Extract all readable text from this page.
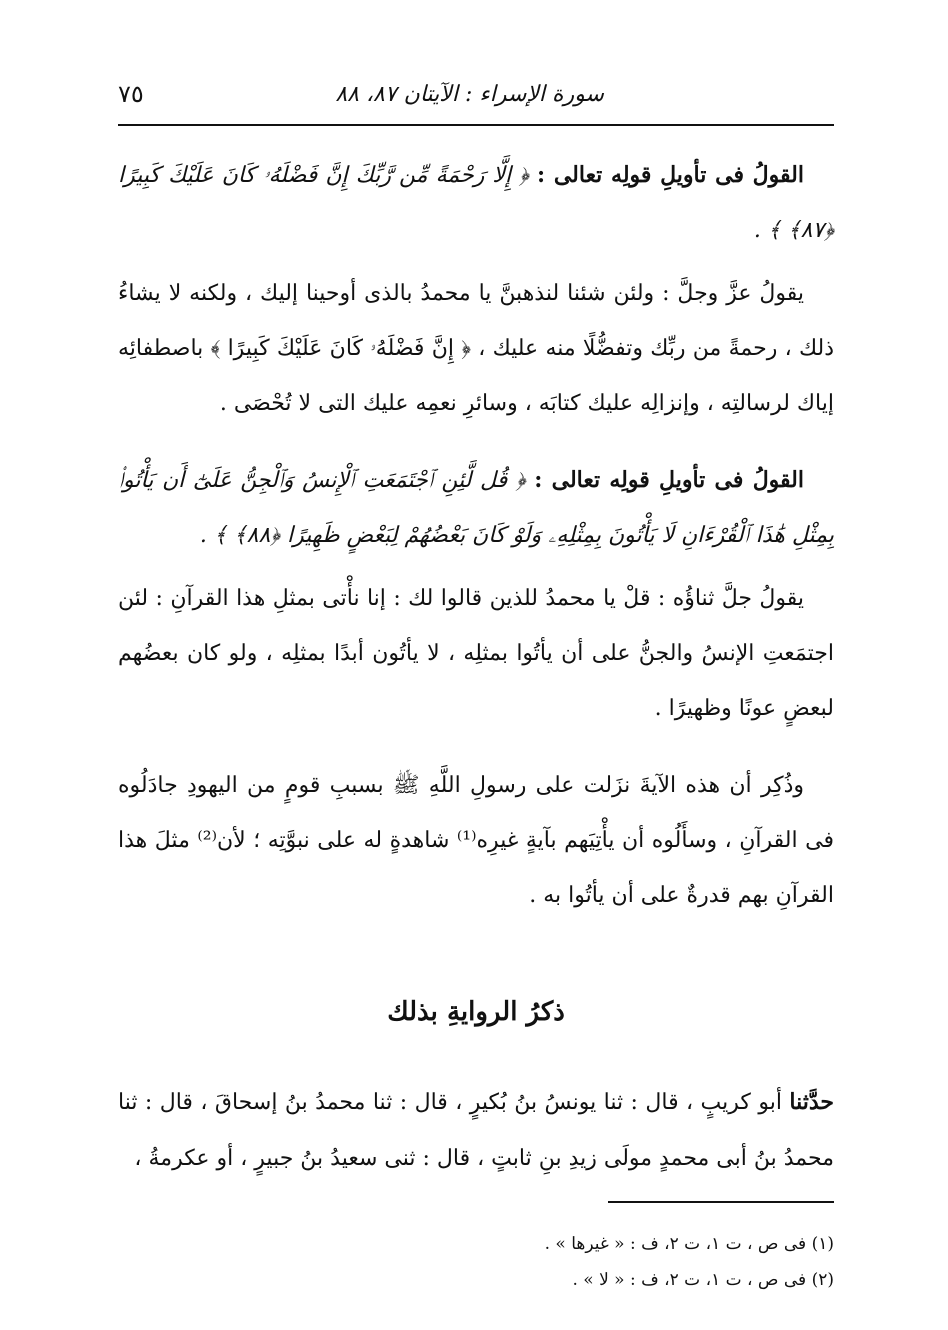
سورة الإسراء : الآيتان ٨٧، ٨٨
٧٥

القولُ فى تأويلِ قولِه تعالى : ﴿ إِلَّا رَحْمَةً مِّن رَّبِّكَ إِنَّ فَضْلَهُۥ كَانَ عَلَيْكَ كَبِيرًا ﴿٨٧﴾ ﴾ .

يقولُ عزَّ وجلَّ : ولئن شئنا لنذهبنَّ يا محمدُ بالذى أوحينا إليك ، ولكنه لا يشاءُ ذلك ، رحمةً من ربِّك وتفضُّلًا منه عليك ، ﴿ إِنَّ فَضْلَهُۥ كَانَ عَلَيْكَ كَبِيرًا ﴾ باصطفائِه إياك لرسالتِه ، وإنزالِه عليك كتابَه ، وسائرِ نعمِه عليك التى لا تُحْصَى .

القولُ فى تأويلِ قولِه تعالى : ﴿ قُل لَّئِنِ ٱجْتَمَعَتِ ٱلْإِنسُ وَٱلْجِنُّ عَلَىٰٓ أَن يَأْتُوا۟ بِمِثْلِ هَٰذَا ٱلْقُرْءَانِ لَا يَأْتُونَ بِمِثْلِهِۦ وَلَوْ كَانَ بَعْضُهُمْ لِبَعْضٍ ظَهِيرًا ﴿٨٨﴾ ﴾ .

يقولُ جلَّ ثناؤُه : قلْ يا محمدُ للذين قالوا لك : إنا نأْتى بمثلِ هذا القرآنِ : لئن اجتمَعتِ الإنسُ والجنُّ على أن يأتُوا بمثلِه ، لا يأتُون أبدًا بمثلِه ، ولو كان بعضُهم لبعضٍ عونًا وظهيرًا .

وذُكِر أن هذه الآيةَ نزَلت على رسولِ اللَّهِ ﷺ بسببِ قومٍ من اليهودِ جادَلُوه فى القرآنِ ، وسأَلُوه أن يأْتِيَهم بآيةٍ غيرِه⁽¹⁾ شاهدةٍ له على نبوَّتِه ؛ لأن⁽²⁾ مثلَ هذا القرآنِ بهم قدرةٌ على أن يأتُوا به .

ذكرُ الروايةِ بذلك

حدَّثنا أبو كريبٍ ، قال : ثنا يونسُ بنُ بُكيرٍ ، قال : ثنا محمدُ بنُ إسحاقَ ، قال : ثنا محمدُ بنُ أبى محمدٍ مولَى زيدِ بنِ ثابتٍ ، قال : ثنى سعيدُ بنُ جبيرٍ ، أو عكرمةُ ،

(١) فى ص ، ت ١، ت ٢، ف : « غيرها » .

(٢) فى ص ، ت ١، ت ٢، ف : « لا » .
